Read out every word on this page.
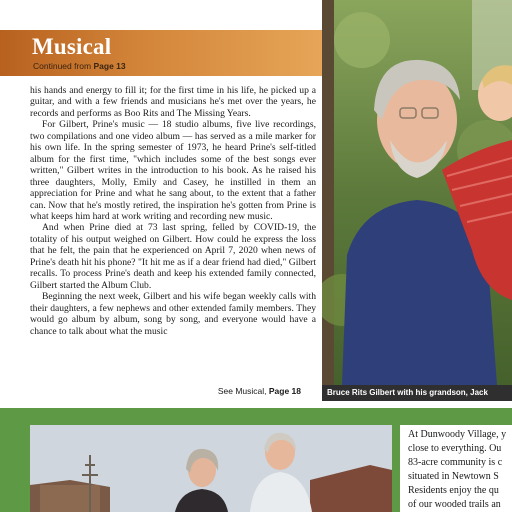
Musical
Continued from Page 13

his hands and energy to fill it; for the first time in his life, he picked up a guitar, and with a few friends and musicians he's met over the years, he records and performs as Boo Rits and The Missing Years.

For Gilbert, Prine's music — 18 studio albums, five live recordings, two compilations and one video album — has served as a mile marker for his own life. In the spring semester of 1973, he heard Prine's self-titled album for the first time, "which includes some of the best songs ever written," Gilbert writes in the introduction to his book. As he raised his three daughters, Molly, Emily and Casey, he instilled in them an appreciation for Prine and what he sang about, to the extent that a father can. Now that he's mostly retired, the inspiration he's gotten from Prine is what keeps him hard at work writing and recording new music.

And when Prine died at 73 last spring, felled by COVID-19, the totality of his output weighed on Gilbert. How could he express the loss that he felt, the pain that he experienced on April 7, 2020 when news of Prine's death hit his phone? "It hit me as if a dear friend had died," Gilbert recalls. To process Prine's death and keep his extended family connected, Gilbert started the Album Club.

Beginning the next week, Gilbert and his wife began weekly calls with their daughters, a few nephews and other extended family members. They would go album by album, song by song, and everyone would have a chance to talk about what the music

See Musical, Page 18	Bruce Rits Gilbert with his grandson, Jack
At Dunwoody Village, y
close to everything. Ou
83-acre community is c
situated in Newtown S
Residents enjoy the qu
of our wooded trails an
